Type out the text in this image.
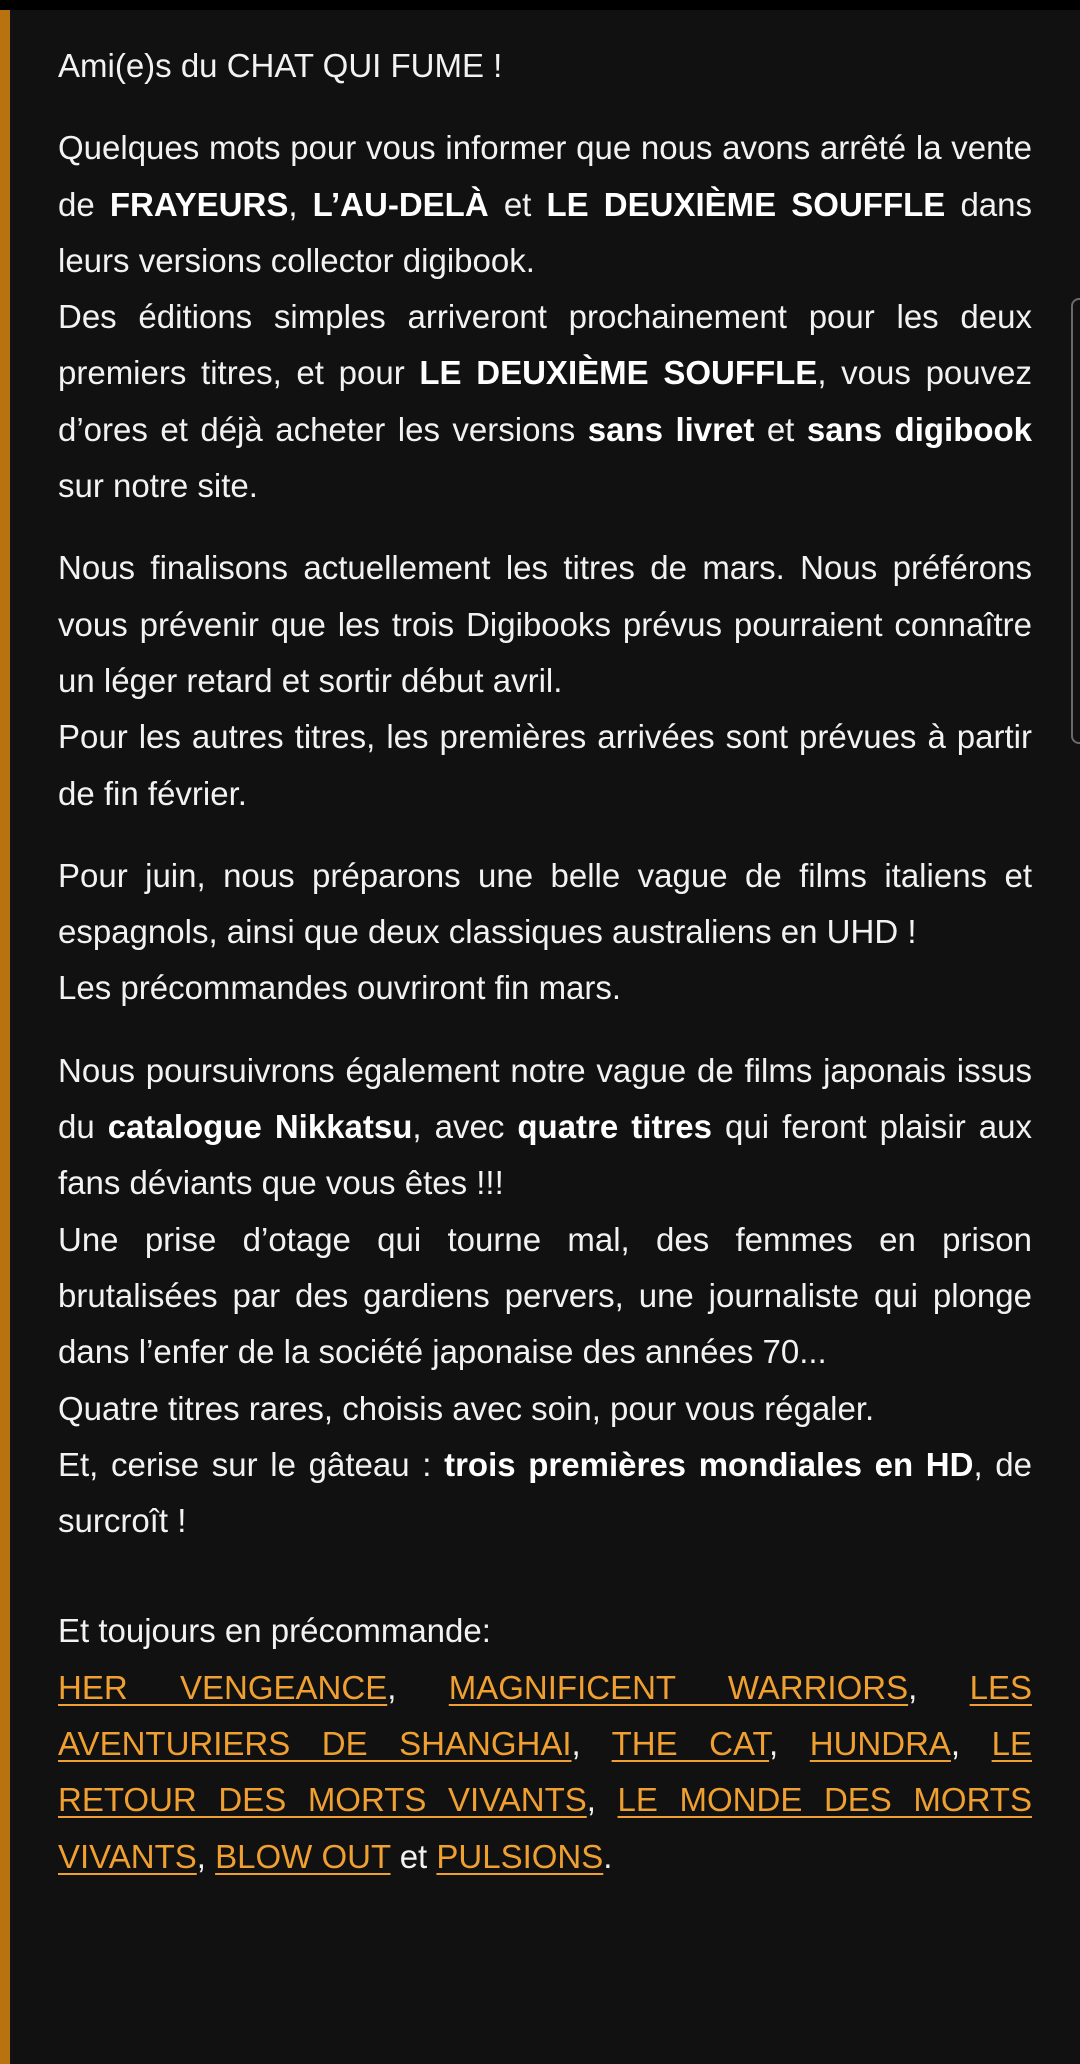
Ami(e)s du CHAT QUI FUME !

Quelques mots pour vous informer que nous avons arrêté la vente de FRAYEURS, L’AU-DELÀ et LE DEUXIÈME SOUFFLE dans leurs versions collector digibook.
Des éditions simples arriveront prochainement pour les deux premiers titres, et pour LE DEUXIÈME SOUFFLE, vous pouvez d’ores et déjà acheter les versions sans livret et sans digibook sur notre site.

Nous finalisons actuellement les titres de mars. Nous préférons vous prévenir que les trois Digibooks prévus pourraient connaître un léger retard et sortir début avril.
Pour les autres titres, les premières arrivées sont prévues à partir de fin février.

Pour juin, nous préparons une belle vague de films italiens et espagnols, ainsi que deux classiques australiens en UHD !
Les précommandes ouvriront fin mars.

Nous poursuivrons également notre vague de films japonais issus du catalogue Nikkatsu, avec quatre titres qui feront plaisir aux fans déviants que vous êtes !!!
Une prise d’otage qui tourne mal, des femmes en prison brutalisées par des gardiens pervers, une journaliste qui plonge dans l’enfer de la société japonaise des années 70...
Quatre titres rares, choisis avec soin, pour vous régaler.
Et, cerise sur le gâteau : trois premières mondiales en HD, de surcroît !

Et toujours en précommande:
HER VENGEANCE, MAGNIFICENT WARRIORS, LES AVENTURIERS DE SHANGHAI, THE CAT, HUNDRA, LE RETOUR DES MORTS VIVANTS, LE MONDE DES MORTS VIVANTS, BLOW OUT et PULSIONS.
